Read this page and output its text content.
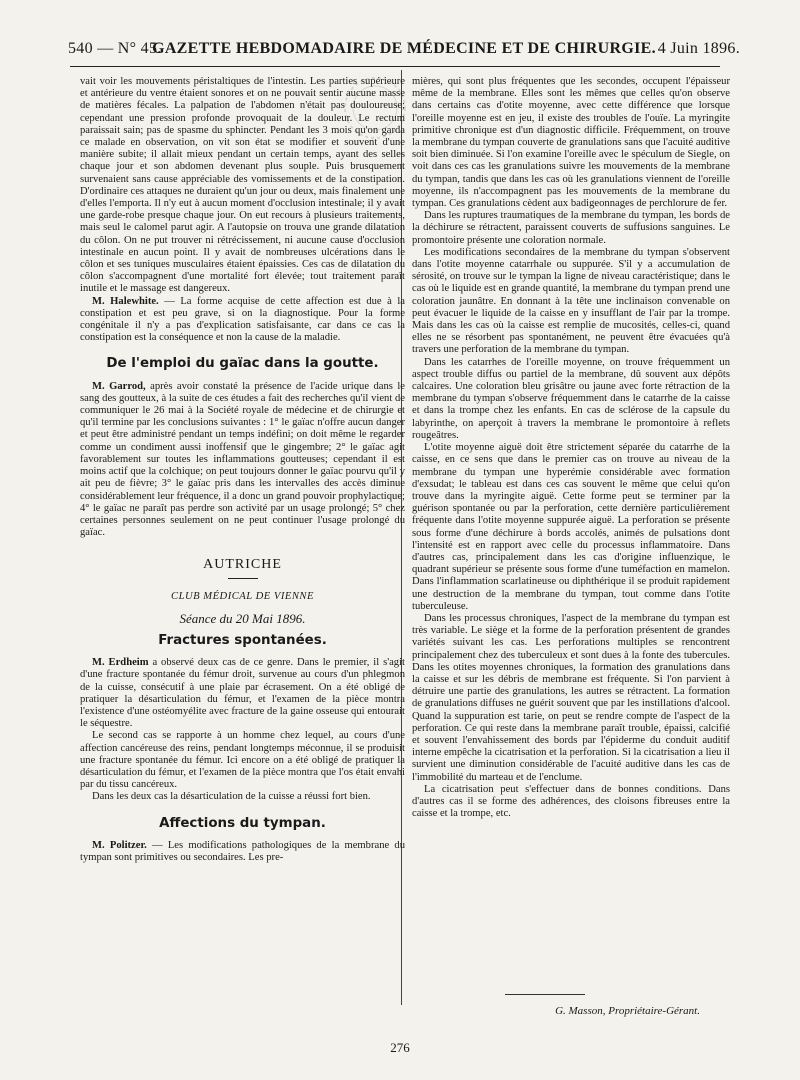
540 — N° 45.
GAZETTE HEBDOMADAIRE DE MÉDECINE ET DE CHIRURGIE. 4 Juin 1896.

vait voir les mouvements péristaltiques de l'intestin. Les parties supérieure et antérieure du ventre étaient sonores et on ne pouvait sentir aucune masse de matières fécales. La palpation de l'abdomen n'était pas douloureuse; cependant une pression profonde provoquait de la douleur. Le rectum paraissait sain; pas de spasme du sphincter. Pendant les 3 mois qu'on garda ce malade en observation, on vit son état se modifier et souvent d'une manière subite; il allait mieux pendant un certain temps, ayant des selles chaque jour et son abdomen devenant plus souple. Puis brusquement survenaient sans cause appréciable des vomissements et de la constipation. D'ordinaire ces attaques ne duraient qu'un jour ou deux, mais finalement une d'elles l'emporta. Il n'y eut à aucun moment d'occlusion intestinale; il y avait une garde-robe presque chaque jour. On eut recours à plusieurs traitements, mais seul le calomel parut agir. A l'autopsie on trouva une grande dilatation du côlon. On ne put trouver ni rétrécissement, ni aucune cause d'occlusion intestinale en aucun point. Il y avait de nombreuses ulcérations dans le côlon et ses tuniques musculaires étaient épaissies. Ces cas de dilatation du côlon s'accompagnent d'une mortalité fort élevée; tout traitement paraît inutile et le massage est dangereux.

M. Halewhite. — La forme acquise de cette affection est due à la constipation et est peu grave, si on la diagnostique. Pour la forme congénitale il n'y a pas d'explication satisfaisante, car dans ce cas la constipation est la conséquence et non la cause de la maladie.

De l'emploi du gaïac dans la goutte.

M. Garrod, après avoir constaté la présence de l'acide urique dans le sang des goutteux, à la suite de ces études a fait des recherches qu'il vient de communiquer le 26 mai à la Société royale de médecine et de chirurgie et qu'il termine par les conclusions suivantes : 1° le gaïac n'offre aucun danger et peut être administré pendant un temps indéfini; on doit même le regarder comme un condiment aussi inoffensif que le gingembre; 2° le gaïac agit favorablement sur toutes les inflammations goutteuses; cependant il est moins actif que la colchique; on peut toujours donner le gaïac pourvu qu'il y ait peu de fièvre; 3° le gaïac pris dans les intervalles des accès diminue considérablement leur fréquence, il a donc un grand pouvoir prophylactique; 4° le gaïac ne paraît pas perdre son activité par un usage prolongé; 5° chez certaines personnes seulement on ne peut continuer l'usage prolongé du gaïac.

AUTRICHE
CLUB MÉDICAL DE VIENNE
Séance du 20 Mai 1896.
Fractures spontanées.

M. Erdheim a observé deux cas de ce genre. Dans le premier, il s'agit d'une fracture spontanée du fémur droit, survenue au cours d'un phlegmon de la cuisse, consécutif à une plaie par écrasement. On a été obligé de pratiquer la désarticulation du fémur, et l'examen de la pièce montra l'existence d'une ostéomyélite avec fracture de la gaine osseuse qui entourait le séquestre.

Le second cas se rapporte à un homme chez lequel, au cours d'une affection cancéreuse des reins, pendant longtemps méconnue, il se produisit une fracture spontanée du fémur. Ici encore on a été obligé de pratiquer la désarticulation du fémur, et l'examen de la pièce montra que l'os était envahi par du tissu cancéreux.

Dans les deux cas la désarticulation de la cuisse a réussi fort bien.

Affections du tympan.

M. Politzer. — Les modifications pathologiques de la membrane du tympan sont primitives ou secondaires. Les pre-

mières, qui sont plus fréquentes que les secondes, occupent l'épaisseur même de la membrane. Elles sont les mêmes que celles qu'on observe dans certains cas d'otite moyenne, avec cette différence que lorsque l'oreille moyenne est en jeu, il existe des troubles de l'ouïe. La myringite primitive chronique est d'un diagnostic difficile. Fréquemment, on trouve la membrane du tympan couverte de granulations sans que l'acuité auditive soit bien diminuée. Si l'on examine l'oreille avec le spéculum de Siegle, on voit dans ces cas les granulations suivre les mouvements de la membrane du tympan, tandis que dans les cas où les granulations viennent de l'oreille moyenne, ils n'accompagnent pas les mouvements de la membrane du tympan. Ces granulations cèdent aux badigeonnages de perchlorure de fer.

Dans les ruptures traumatiques de la membrane du tympan, les bords de la déchirure se rétractent, paraissent couverts de suffusions sanguines. Le promontoire présente une coloration normale.

Les modifications secondaires de la membrane du tympan s'observent dans l'otite moyenne catarrhale ou suppurée. S'il y a accumulation de sérosité, on trouve sur le tympan la ligne de niveau caractéristique; dans le cas où le liquide est en grande quantité, la membrane du tympan prend une coloration jaunâtre. En donnant à la tête une inclinaison convenable on peut évacuer le liquide de la caisse en y insufflant de l'air par la trompe. Mais dans les cas où la caisse est remplie de mucosités, celles-ci, quand elles ne se résorbent pas spontanément, ne peuvent être évacuées qu'à travers une perforation de la membrane du tympan.

Dans les catarrhes de l'oreille moyenne, on trouve fréquemment un aspect trouble diffus ou partiel de la membrane, dû souvent aux dépôts calcaires. Une coloration bleu grisâtre ou jaune avec forte rétraction de la membrane du tympan s'observe fréquemment dans le catarrhe de la caisse et dans la trompe chez les enfants. En cas de sclérose de la capsule du labyrinthe, on aperçoit à travers la membrane le promontoire à reflets rougeâtres.

L'otite moyenne aiguë doit être strictement séparée du catarrhe de la caisse, en ce sens que dans le premier cas on trouve au niveau de la membrane du tympan une hyperémie considérable avec formation d'exsudat; le tableau est dans ces cas souvent le même que celui qu'on trouve dans la myringite aiguë. Cette forme peut se terminer par la guérison spontanée ou par la perforation, cette dernière particulièrement fréquente dans l'otite moyenne suppurée aiguë. La perforation se présente sous forme d'une déchirure à bords accolés, animés de pulsations dont l'intensité est en rapport avec celle du processus inflammatoire. Dans d'autres cas, principalement dans les cas d'origine influenzique, le quadrant supérieur se présente sous forme d'une tuméfaction en mamelon. Dans l'inflammation scarlatineuse ou diphthérique il se produit rapidement une destruction de la membrane du tympan, tout comme dans l'otite tuberculeuse.

Dans les processus chroniques, l'aspect de la membrane du tympan est très variable. Le siège et la forme de la perforation présentent de grandes variétés suivant les cas. Les perforations multiples se rencontrent principalement chez des tuberculeux et sont dues à la fonte des tubercules. Dans les otites moyennes chroniques, la formation des granulations dans la caisse et sur les débris de membrane est fréquente. Si l'on parvient à détruire une partie des granulations, les autres se rétractent. La formation de granulations diffuses ne guérit souvent que par les instillations d'alcool. Quand la suppuration est tarie, on peut se rendre compte de l'aspect de la perforation. Ce qui reste dans la membrane paraît trouble, épaissi, calcifié et souvent l'envahissement des bords par l'épiderme du conduit auditif interne empêche la cicatrisation et la perforation. Si la cicatrisation a lieu il survient une diminution considérable de l'acuité auditive dans les cas de l'immobilité du marteau et de l'enclume.

La cicatrisation peut s'effectuer dans de bonnes conditions. Dans d'autres cas il se forme des adhérences, des cloisons fibreuses entre la caisse et la trompe, etc.

G. Masson, Propriétaire-Gérant.
276
